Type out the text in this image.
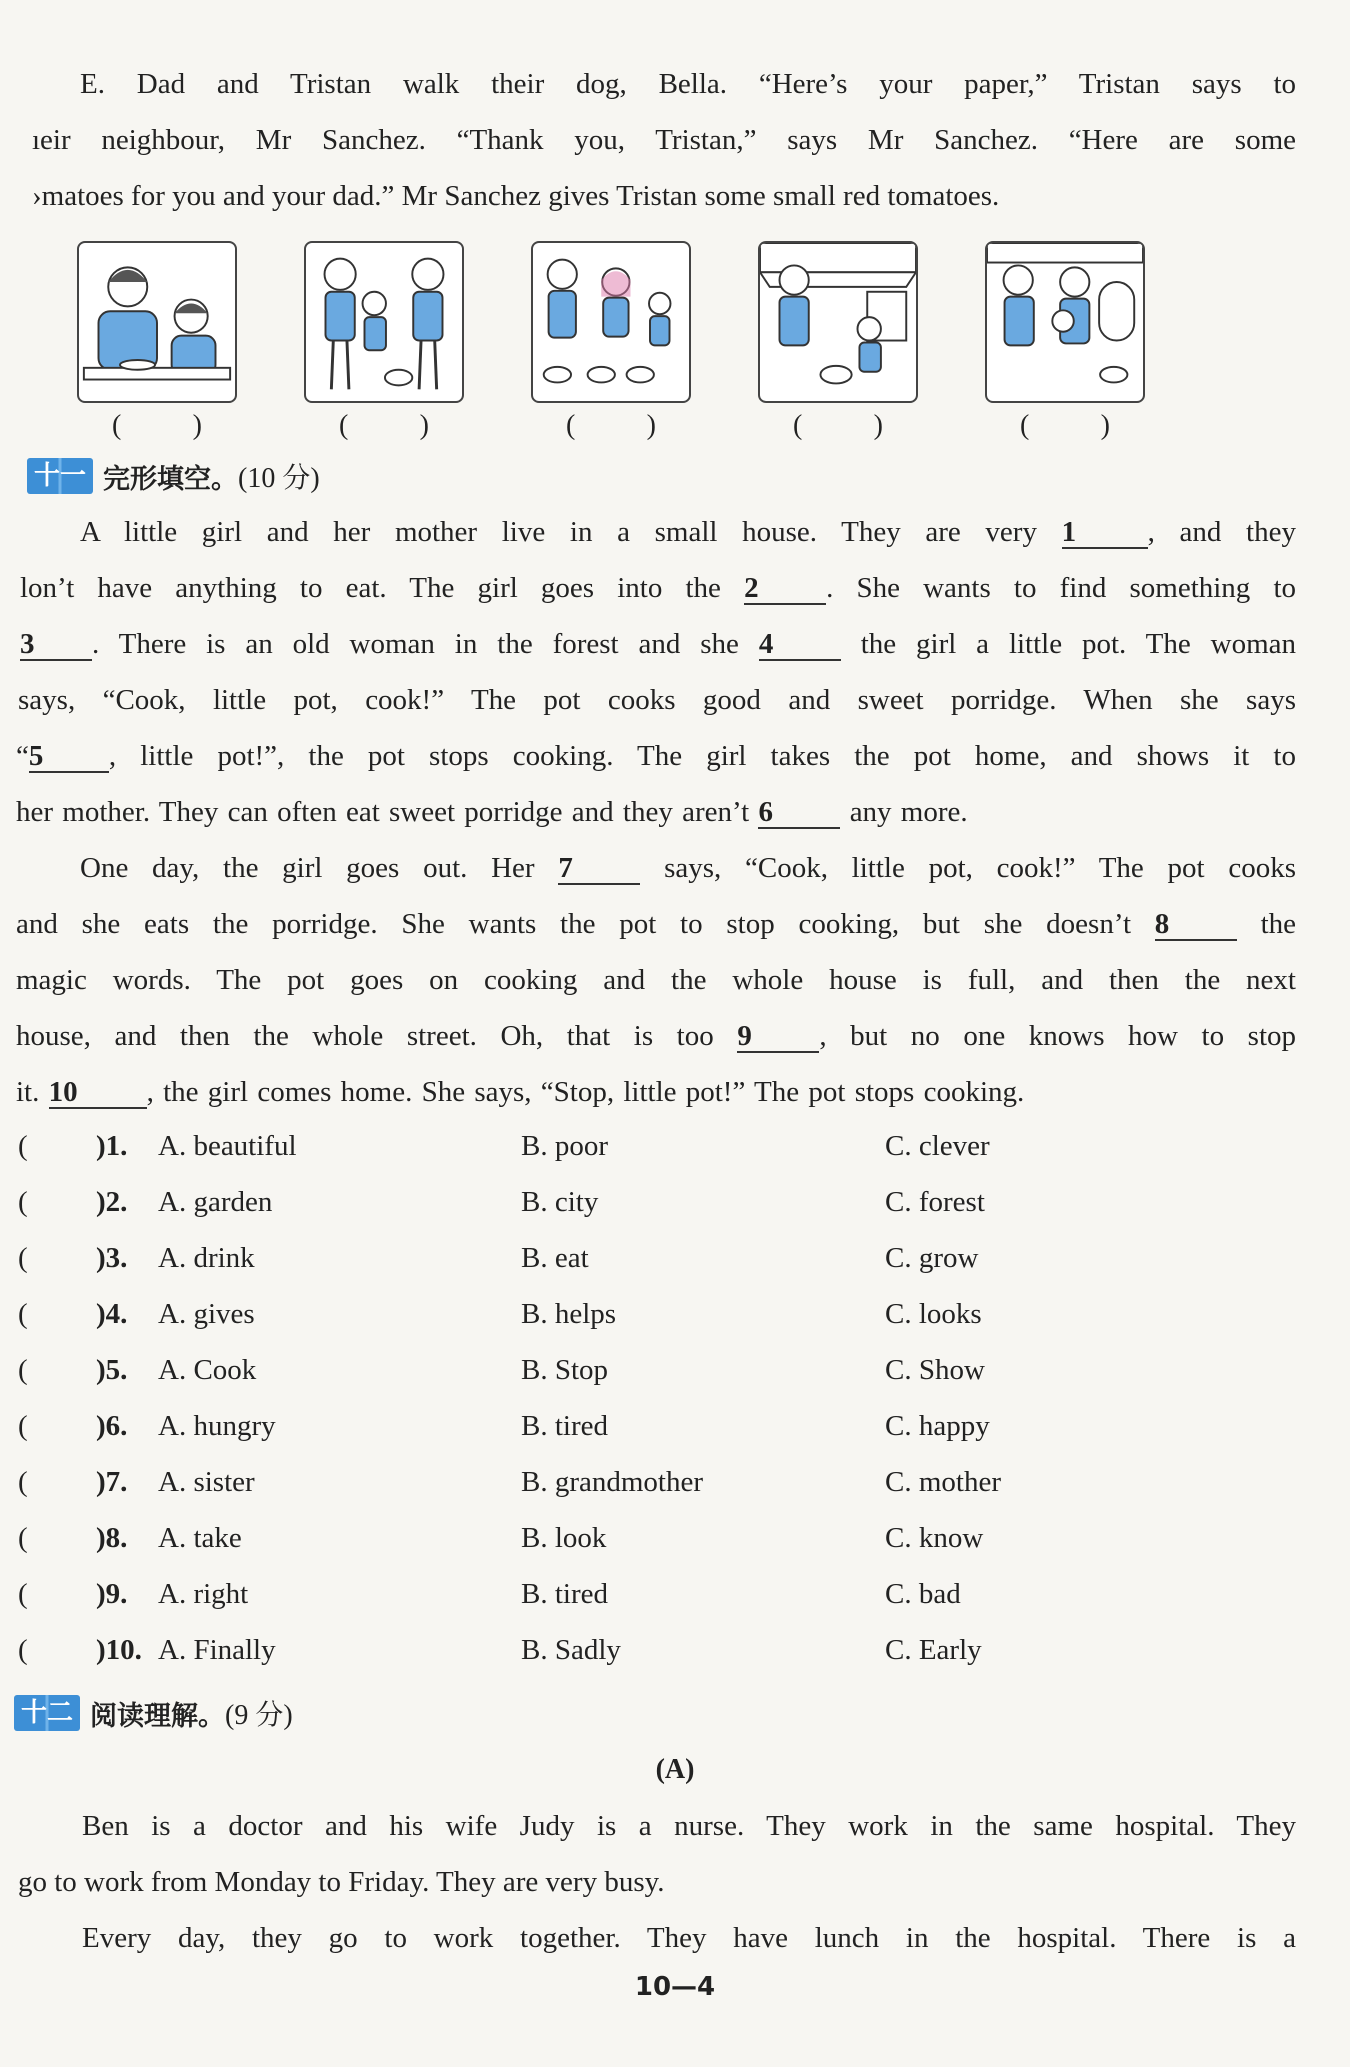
E. Dad and Tristan walk their dog, Bella. “Here’s your paper,” Tristan says to
ıeir neighbour, Mr Sanchez. “Thank you, Tristan,” says Mr Sanchez. “Here are some
›matoes for you and your dad.” Mr Sanchez gives Tristan some small red tomatoes.
(	)	(	)	(	)	(	)	(	)
十一 完形填空。 (10 分)
A little girl and her mother live in a small house. They are very 1 , and they
lon’t have anything to eat. The girl goes into the 2 . She wants to find something to
3 . There is an old woman in the forest and she 4	the girl a little pot. The woman
says, “Cook, little pot, cook!” The pot cooks good and sweet porridge. When she says
“5 , little pot!”, the pot stops cooking. The girl takes the pot home, and shows it to
her mother. They can often eat sweet porridge and they aren’t 6	any more.
One day, the girl goes out. Her 7	says, “Cook, little pot, cook!” The pot cooks
and she eats the porridge. She wants the pot to stop cooking, but she doesn’t 8	the
magic words. The pot goes on cooking and the whole house is full, and then the next
house, and then the whole street. Oh, that is too 9 , but no one knows how to stop
it. 10 , the girl comes home. She says, “Stop, little pot!” The pot stops cooking.
( )1. A. beautiful	B. poor	C. clever
( )2. A. garden	B. city	C. forest
( )3. A. drink	B. eat	C. grow
( )4. A. gives	B. helps	C. looks
( )5. A. Cook	B. Stop	C. Show
( )6. A. hungry	B. tired	C. happy
( )7. A. sister	B. grandmother	C. mother
( )8. A. take	B. look	C. know
( )9. A. right	B. tired	C. bad
( )10. A. Finally	B. Sadly	C. Early
十二 阅读理解。 (9 分)
(A)
Ben is a doctor and his wife Judy is a nurse. They work in the same hospital. They
go to work from Monday to Friday. They are very busy.
Every day, they go to work together. They have lunch in the hospital. There is a
10—4
